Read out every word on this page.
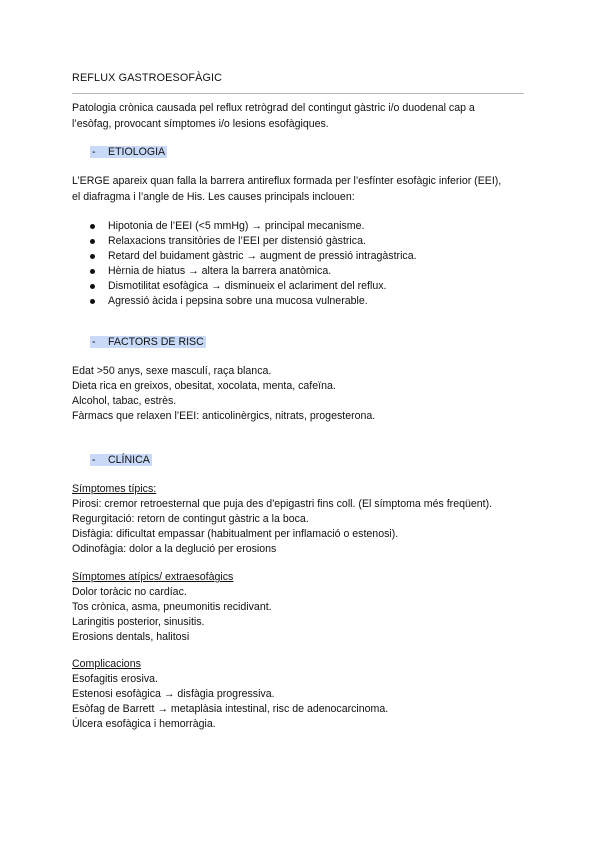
REFLUX GASTROESOFÀGIC
Patologia crònica causada pel reflux retrògrad del contingut gàstric i/o duodenal cap a
l’esòfag, provocant símptomes i/o lesions esofàgiques.
- ETIOLOGIA
L’ERGE apareix quan falla la barrera antireflux formada per l’esfínter esofàgic inferior (EEI),
el diafragma i l’angle de His. Les causes principals inclouen:
Hipotonia de l’EEI (<5 mmHg) → principal mecanisme.
Relaxacions transitòries de l’EEI per distensió gàstrica.
Retard del buidament gàstric → augment de pressió intragàstrica.
Hèrnia de hiatus → altera la barrera anatòmica.
Dismotilitat esofàgica → disminueix el aclariment del reflux.
Agressió àcida i pepsina sobre una mucosa vulnerable.
- FACTORS DE RISC
Edat >50 anys, sexe masculí, raça blanca.
Dieta rica en greixos, obesitat, xocolata, menta, cafeïna.
Alcohol, tabac, estrès.
Fàrmacs que relaxen l’EEI: anticolinèrgics, nitrats, progesterona.
- CLÍNICA
Símptomes típics:
Pirosi: cremor retroesternal que puja des d'epigastri fins coll. (El símptoma més freqüent).
Regurgitació: retorn de contingut gàstric a la boca.
Disfàgia: dificultat empassar (habitualment per inflamació o estenosi).
Odinofàgia: dolor a la deglució per erosions
Símptomes atípics/ extraesofàgics
Dolor toràcic no cardíac.
Tos crònica, asma, pneumonitis recidivant.
Laringitis posterior, sinusitis.
Erosions dentals, halitosi
Complicacions
Esofagitis erosiva.
Estenosi esofàgica → disfàgia progressiva.
Esòfag de Barrett → metaplàsia intestinal, risc de adenocarcinoma.
Úlcera esofàgica i hemorràgia.
